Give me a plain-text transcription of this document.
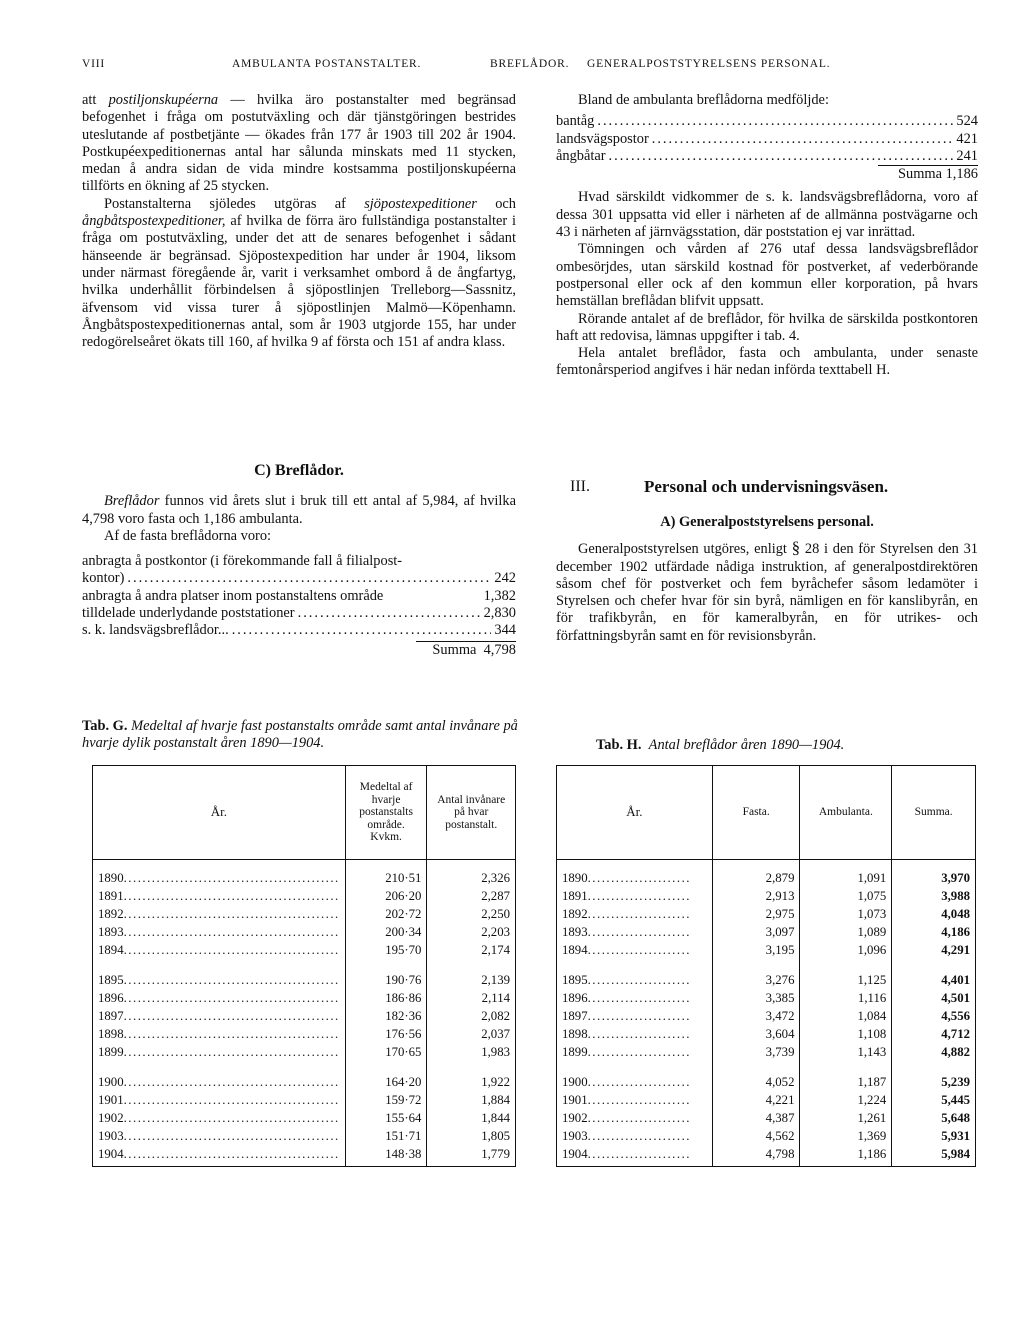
VIII	AMBULANTA POSTANSTALTER.	BREFLÅDOR. GENERALPOSTSTYRELSENS PERSONAL.

att postiljonskupéerna — hvilka äro postanstalter med begränsad befogenhet i fråga om postutväxling och där tjänstgöringen bestrides uteslutande af postbetjänte — ökades från 177 år 1903 till 202 år 1904. Postkupéexpeditionernas antal har sålunda minskats med 11 stycken, medan å andra sidan de vida mindre kostsamma postiljonskupéerna tillförts en ökning af 25 stycken.

Postanstalterna sjöledes utgöras af sjöpostexpeditioner och ångbåtspostexpeditioner, af hvilka de förra äro fullständiga postanstalter i fråga om postutväxling, under det att de senares befogenhet i sådant hänseende är begränsad. Sjöpostexpedition har under år 1904, liksom under närmast föregående år, varit i verksamhet ombord å de ångfartyg, hvilka underhållit förbindelsen å sjöpostlinjen Trelleborg—Sassnitz, äfvensom vid vissa turer å sjöpostlinjen Malmö—Köpenhamn. Ångbåtspostexpeditionernas antal, som år 1903 utgjorde 155, har under redogörelseåret ökats till 160, af hvilka 9 af första och 151 af andra klass.

C) Breflådor.

Breflådor funnos vid årets slut i bruk till ett antal af 5,984, af hvilka 4,798 voro fasta och 1,186 ambulanta.

Af de fasta breflådorna voro:

anbragta å postkontor (i förekommande fall å filialpost-
kontor) .....	242
anbragta å andra platser inom postanstaltens område	1,382
tilldelade underlydande poststationer .....	2,830
s. k. landsvägsbreflådor... .....	344
Summa 4,798

Bland de ambulanta breflådorna medföljde:

bantåg .....	524
landsvägspostor .....	421
ångbåtar .....	241
Summa 1,186

Hvad särskildt vidkommer de s. k. landsvägsbreflådorna, voro af dessa 301 uppsatta vid eller i närheten af de allmänna postvägarne och 43 i närheten af järnvägsstation, där poststation ej var inrättad.

Tömningen och vården af 276 utaf dessa landsvägsbreflådor ombesörjdes, utan särskild kostnad för postverket, af vederbörande postpersonal eller ock af den kommun eller korporation, på hvars hemställan breflådan blifvit uppsatt.

Rörande antalet af de breflådor, för hvilka de särskilda postkontoren haft att redovisa, lämnas uppgifter i tab. 4.

Hela antalet breflådor, fasta och ambulanta, under senaste femtonårsperiod angifves i här nedan införda texttabell H.

III.	Personal och undervisningsväsen.

A) Generalpoststyrelsens personal.

Generalpoststyrelsen utgöres, enligt § 28 i den för Styrelsen den 31 december 1902 utfärdade nådiga instruktion, af generalpostdirektören såsom chef för postverket och fem byråchefer såsom ledamöter i Styrelsen och chefer hvar för sin byrå, nämligen en för kanslibyrån, en för trafikbyrån, en för kameralbyrån, en för utrikes- och författningsbyrån samt en för revisionsbyrån.

Tab. G. Medeltal af hvarje fast postanstalts område samt antal invånare på hvarje dylik postanstalt åren 1890—1904.
År.	Medeltal af hvarje postanstalts område. Kvkm.	Antal invånare på hvar postanstalt.
1890..............................................	210·51	2,326
1891..............................................	206·20	2,287
1892..............................................	202·72	2,250
1893..............................................	200·34	2,203
1894..............................................	195·70	2,174
1895..............................................	190·76	2,139
1896..............................................	186·86	2,114
1897..............................................	182·36	2,082
1898..............................................	176·56	2,037
1899..............................................	170·65	1,983
1900..............................................	164·20	1,922
1901..............................................	159·72	1,884
1902..............................................	155·64	1,844
1903..............................................	151·71	1,805
1904..............................................	148·38	1,779
Tab. H. Antal breflådor åren 1890—1904.
År.	Fasta.	Ambulanta.	Summa.
1890......................	2,879	1,091	3,970
1891......................	2,913	1,075	3,988
1892......................	2,975	1,073	4,048
1893......................	3,097	1,089	4,186
1894......................	3,195	1,096	4,291
1895......................	3,276	1,125	4,401
1896......................	3,385	1,116	4,501
1897......................	3,472	1,084	4,556
1898......................	3,604	1,108	4,712
1899......................	3,739	1,143	4,882
1900......................	4,052	1,187	5,239
1901......................	4,221	1,224	5,445
1902......................	4,387	1,261	5,648
1903......................	4,562	1,369	5,931
1904......................	4,798	1,186	5,984
